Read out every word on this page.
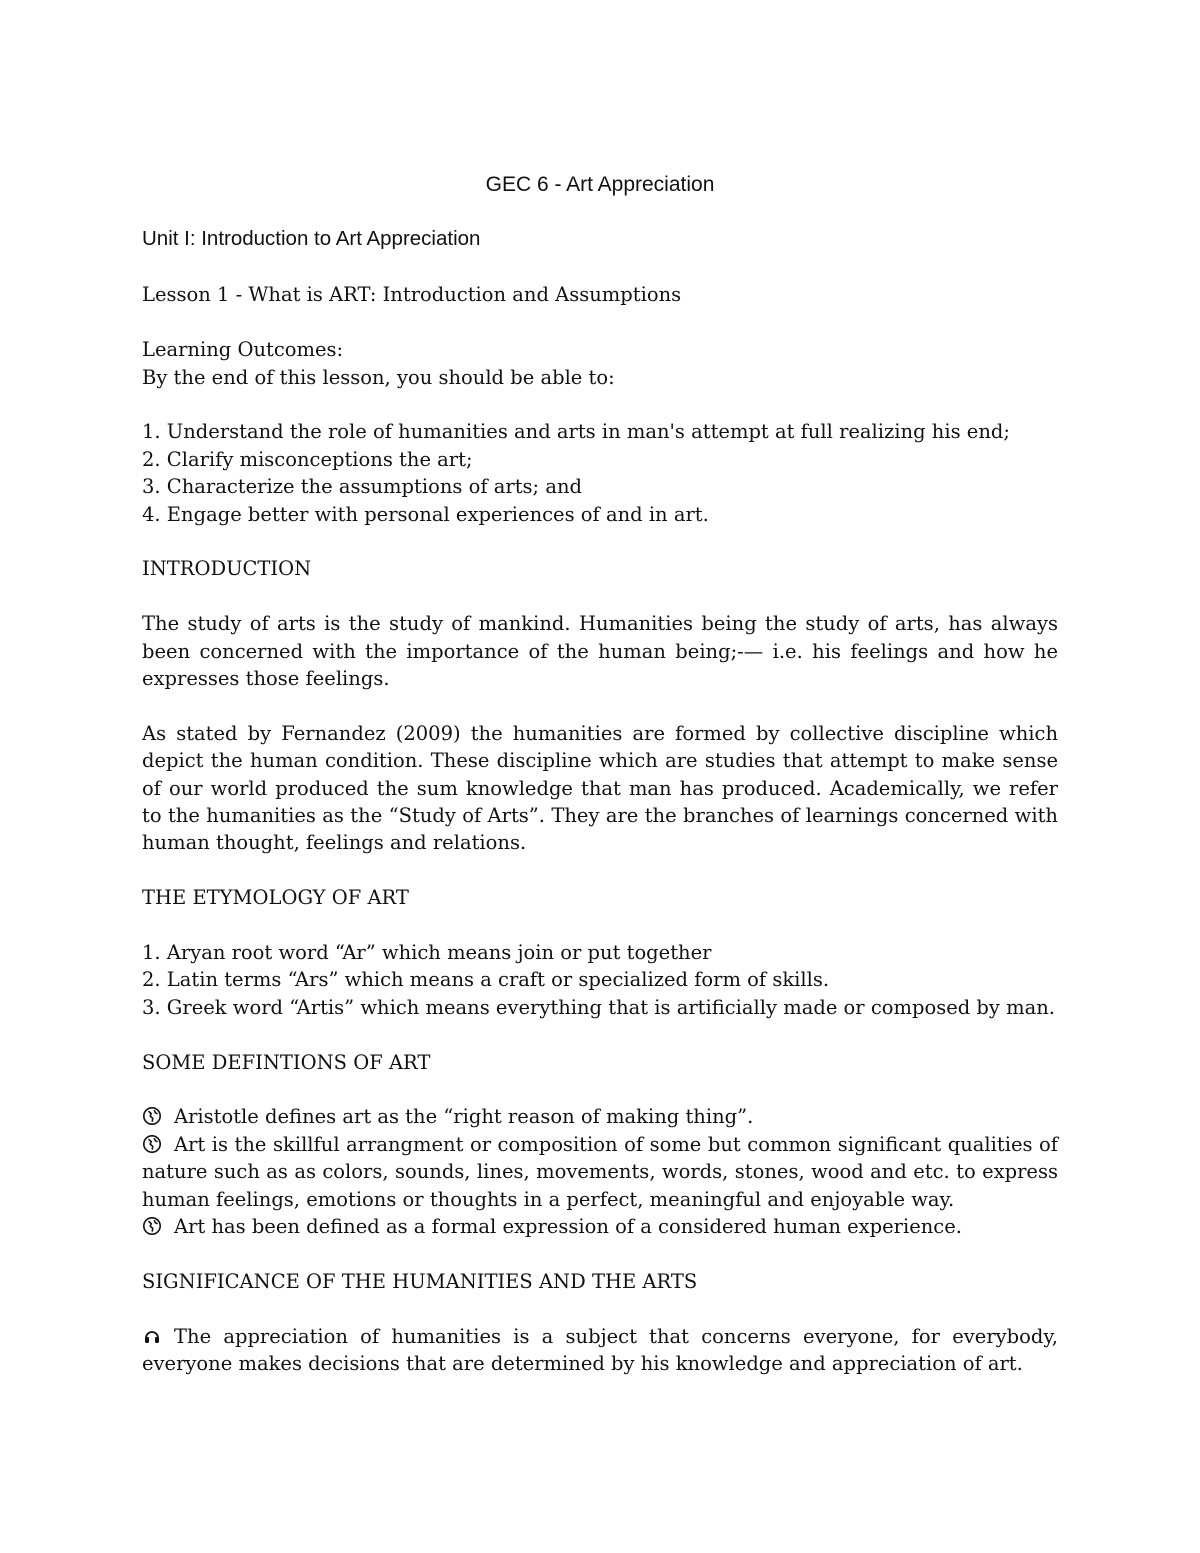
GEC 6 - Art Appreciation
Unit I: Introduction to Art Appreciation

Lesson 1 - What is ART: Introduction and Assumptions

Learning Outcomes:

By the end of this lesson, you should be able to:

1. Understand the role of humanities and arts in man's attempt at full realizing his end;
2. Clarify misconceptions the art;
3. Characterize the assumptions of arts; and
4. Engage better with personal experiences of and in art.

INTRODUCTION

The study of arts is the study of mankind. Humanities being the study of arts, has always been concerned with the importance of the human being;-— i.e. his feelings and how he expresses those feelings.

As stated by Fernandez (2009) the humanities are formed by collective discipline which depict the human condition. These discipline which are studies that attempt to make sense of our world produced the sum knowledge that man has produced. Academically, we refer to the humanities as the “Study of Arts”. They are the branches of learnings concerned with human thought, feelings and relations.

THE ETYMOLOGY OF ART

1. Aryan root word “Ar” which means join or put together
2. Latin terms “Ars” which means a craft or specialized form of skills.
3. Greek word “Artis” which means everything that is artificially made or composed by man.

SOME DEFINTIONS OF ART

Aristotle defines art as the “right reason of making thing”.
Art is the skillful arrangment or composition of some but common significant qualities of nature such as as colors, sounds, lines, movements, words, stones, wood and etc. to express human feelings, emotions or thoughts in a perfect, meaningful and enjoyable way.
Art has been defined as a formal expression of a considered human experience.

SIGNIFICANCE OF THE HUMANITIES AND THE ARTS

The appreciation of humanities is a subject that concerns everyone, for everybody, everyone makes decisions that are determined by his knowledge and appreciation of art.
